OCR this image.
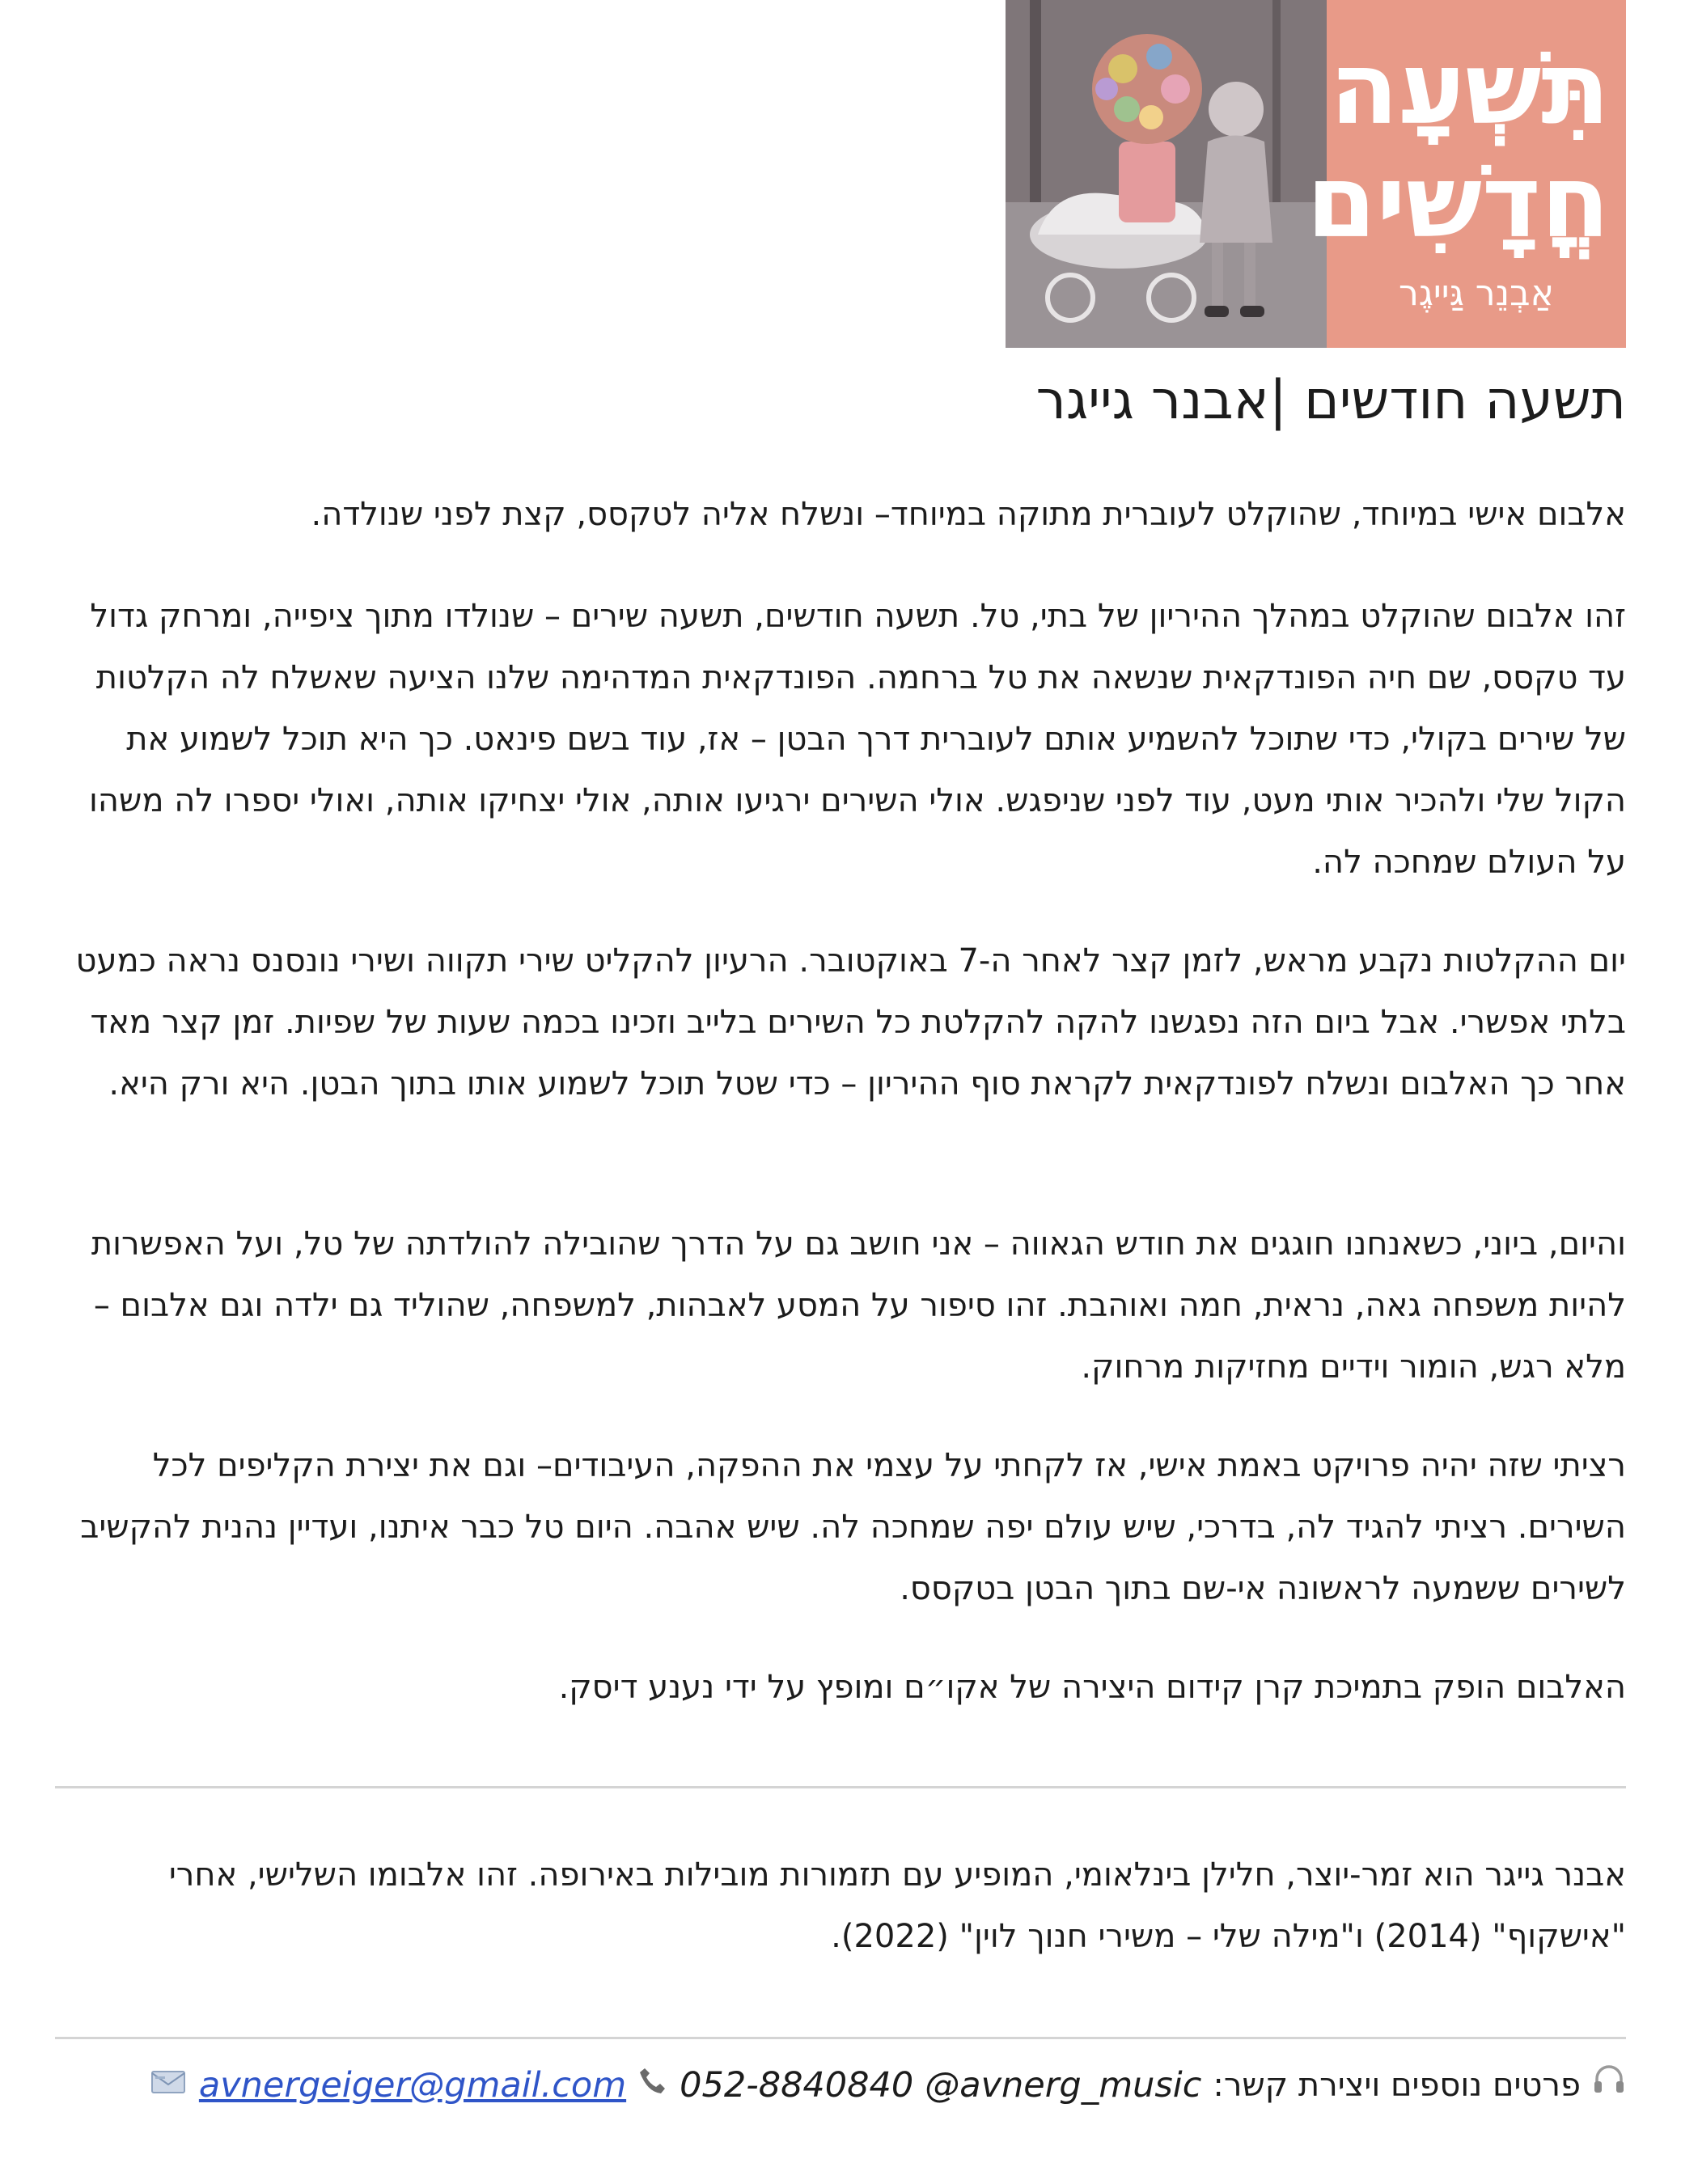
תִּשְׁעָה
חֳדָשִׁים
אַבְנֵר גַּייגֶר
תשעה חודשים |אבנר גייגר

אלבום אישי במיוחד, שהוקלט לעוברית מתוקה במיוחד– ונשלח אליה לטקסס, קצת לפני שנולדה.

זהו אלבום שהוקלט במהלך ההיריון של בתי, טל. תשעה חודשים, תשעה שירים – שנולדו מתוך ציפייה, ומרחק גדול עד טקסס, שם חיה הפונדקאית שנשאה את טל ברחמה. הפונדקאית המדהימה שלנו הציעה שאשלח לה הקלטות של שירים בקולי, כדי שתוכל להשמיע אותם לעוברית דרך הבטן – אז, עוד בשם פינאט. כך היא תוכל לשמוע את הקול שלי ולהכיר אותי מעט, עוד לפני שניפגש. אולי השירים ירגיעו אותה, אולי יצחיקו אותה, ואולי יספרו לה משהו על העולם שמחכה לה.

יום ההקלטות נקבע מראש, לזמן קצר לאחר ה-7 באוקטובר. הרעיון להקליט שירי תקווה ושירי נונסנס נראה כמעט בלתי אפשרי. אבל ביום הזה נפגשנו להקה להקלטת כל השירים בלייב וזכינו בכמה שעות של שפיות. זמן קצר מאד אחר כך האלבום ונשלח לפונדקאית לקראת סוף ההיריון – כדי שטל תוכל לשמוע אותו בתוך הבטן. היא ורק היא.

והיום, ביוני, כשאנחנו חוגגים את חודש הגאווה – אני חושב גם על הדרך שהובילה להולדתה של טל, ועל האפשרות להיות משפחה גאה, נראית, חמה ואוהבת. זהו סיפור על המסע לאבהות, למשפחה, שהוליד גם ילדה וגם אלבום – מלא רגש, הומור וידיים מחזיקות מרחוק.

רציתי שזה יהיה פרויקט באמת אישי, אז לקחתי על עצמי את ההפקה, העיבודים– וגם את יצירת הקליפים לכל השירים. רציתי להגיד לה, בדרכי, שיש עולם יפה שמחכה לה. שיש אהבה. היום טל כבר איתנו, ועדיין נהנית להקשיב לשירים ששמעה לראשונה אי-שם בתוך הבטן בטקסס.

האלבום הופק בתמיכת קרן קידום היצירה של אקו״ם ומופץ על ידי נענע דיסק.

אבנר גייגר הוא זמר-יוצר, חלילן בינלאומי, המופיע עם תזמורות מובילות באירופה. זהו אלבומו השלישי, אחרי "אישקוף" (2014) ו"מילה שלי – משירי חנוך לוין" (2022).

פרטים נוספים ויצירת קשר:
@avnerg_music
052-8840840
avnergeiger@gmail.com
